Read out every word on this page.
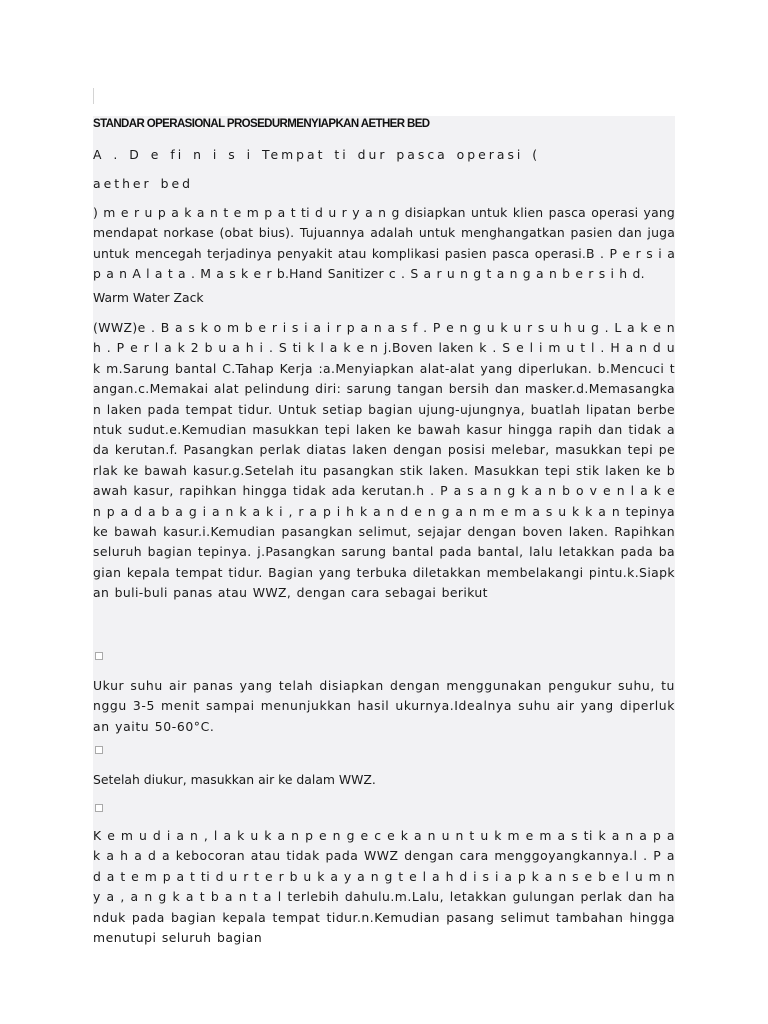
STANDAR OPERASIONAL PROSEDURMENYIAPKAN AETHER BED

A . D e fi n i s i Tempat ti dur pasca operasi (

aether bed

) m e r u p a k a n t e m p a t ti d u r y a n g disiapkan untuk klien pasca operasi yang mendapat norkase (obat bius). Tujuannya adalah untuk menghangatkan pasien dan juga untuk mencegah terjadinya penyakit atau komplikasi pasien pasca operasi.B . P e r s i a p a n A l a t a . M a s k e r b.Hand Sanitizer c . S a r u n g t a n g a n b e r s i h d.

Warm Water Zack

(WWZ)e . B a s k o m b e r i s i a i r p a n a s f . P e n g u k u r s u h u g . L a k e n h . P e r l a k 2 b u a h i . S ti k l a k e n j.Boven laken k . S e l i m u t l . H a n d u k m.Sarung bantal C.Tahap Kerja :a.Menyiapkan alat-alat yang diperlukan. b.Mencuci tangan.c.Memakai alat pelindung diri: sarung tangan bersih dan masker.d.Memasangkan laken pada tempat tidur. Untuk setiap bagian ujung-ujungnya, buatlah lipatan berbentuk sudut.e.Kemudian masukkan tepi laken ke bawah kasur hingga rapih dan tidak ada kerutan.f. Pasangkan perlak diatas laken dengan posisi melebar, masukkan tepi perlak ke bawah kasur.g.Setelah itu pasangkan stik laken. Masukkan tepi stik laken ke bawah kasur, rapihkan hingga tidak ada kerutan.h . P a s a n g k a n b o v e n l a k e n p a d a b a g i a n k a k i , r a p i h k a n d e n g a n m e m a s u k k a n tepinya ke bawah kasur.i.Kemudian pasangkan selimut, sejajar dengan boven laken. Rapihkan seluruh bagian tepinya. j.Pasangkan sarung bantal pada bantal, lalu letakkan pada bagian kepala tempat tidur. Bagian yang terbuka diletakkan membelakangi pintu.k.Siapkan buli-buli panas atau WWZ, dengan cara sebagai berikut

Ukur suhu air panas yang telah disiapkan dengan menggunakan pengukur suhu, tunggu 3-5 menit sampai menunjukkan hasil ukurnya.Idealnya suhu air yang diperlukan yaitu 50-60°C.

Setelah diukur, masukkan air ke dalam WWZ.

K e m u d i a n , l a k u k a n p e n g e c e k a n u n t u k m e m a s ti k a n a p a k a h a d a kebocoran atau tidak pada WWZ dengan cara menggoyangkannya.l . P a d a t e m p a t ti d u r t e r b u k a y a n g t e l a h d i s i a p k a n s e b e l u m n y a , a n g k a t b a n t a l terlebih dahulu.m.Lalu, letakkan gulungan perlak dan handuk pada bagian kepala tempat tidur.n.Kemudian pasang selimut tambahan hingga menutupi seluruh bagian
